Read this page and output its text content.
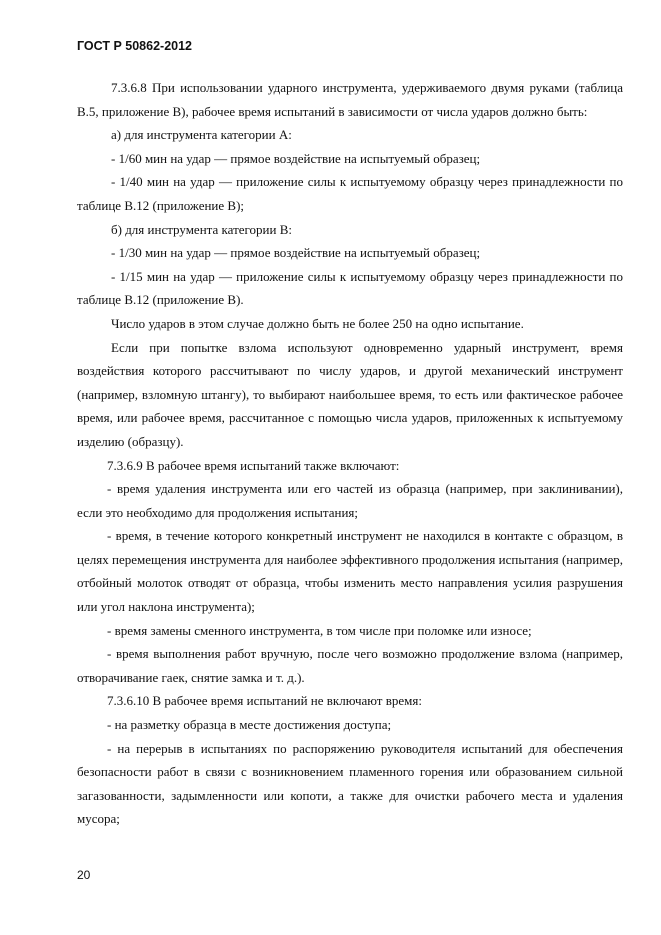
ГОСТ Р 50862-2012

7.3.6.8 При использовании ударного инструмента, удерживаемого двумя руками (таблица В.5, приложение В), рабочее время испытаний в зависимости от числа ударов должно быть:

а) для инструмента категории А:

- 1/60 мин на удар — прямое воздействие на испытуемый образец;

- 1/40 мин на удар — приложение силы к испытуемому образцу через принадлежности по таблице В.12 (приложение В);

б) для инструмента категории В:

- 1/30 мин на удар — прямое воздействие на испытуемый образец;

- 1/15 мин на удар — приложение силы к испытуемому образцу через принадлежности по таблице В.12 (приложение В).

Число ударов в этом случае должно быть не более 250 на одно испытание.

Если при попытке взлома используют одновременно ударный инструмент, время воздействия которого рассчитывают по числу ударов, и другой механический инструмент (например, взломную штангу), то выбирают наибольшее время, то есть или фактическое рабочее время, или рабочее время, рассчитанное с помощью числа ударов, приложенных к испытуемому изделию (образцу).

7.3.6.9 В рабочее время испытаний также включают:

- время удаления инструмента или его частей из образца (например, при заклинивании), если это необходимо для продолжения испытания;

- время, в течение которого конкретный инструмент не находился в контакте с образцом, в целях перемещения инструмента для наиболее эффективного продолжения испытания (например, отбойный молоток отводят от образца, чтобы изменить место направления усилия разрушения или угол наклона инструмента);

- время замены сменного инструмента, в том числе при поломке или износе;

- время выполнения работ вручную, после чего возможно продолжение взлома (например, отворачивание гаек, снятие замка и т. д.).

7.3.6.10 В рабочее время испытаний не включают время:

- на разметку образца в месте достижения доступа;

- на перерыв в испытаниях по распоряжению руководителя испытаний для обеспечения безопасности работ в связи с возникновением пламенного горения или образованием сильной загазованности, задымленности или копоти, а также для очистки рабочего места и удаления мусора;

20
